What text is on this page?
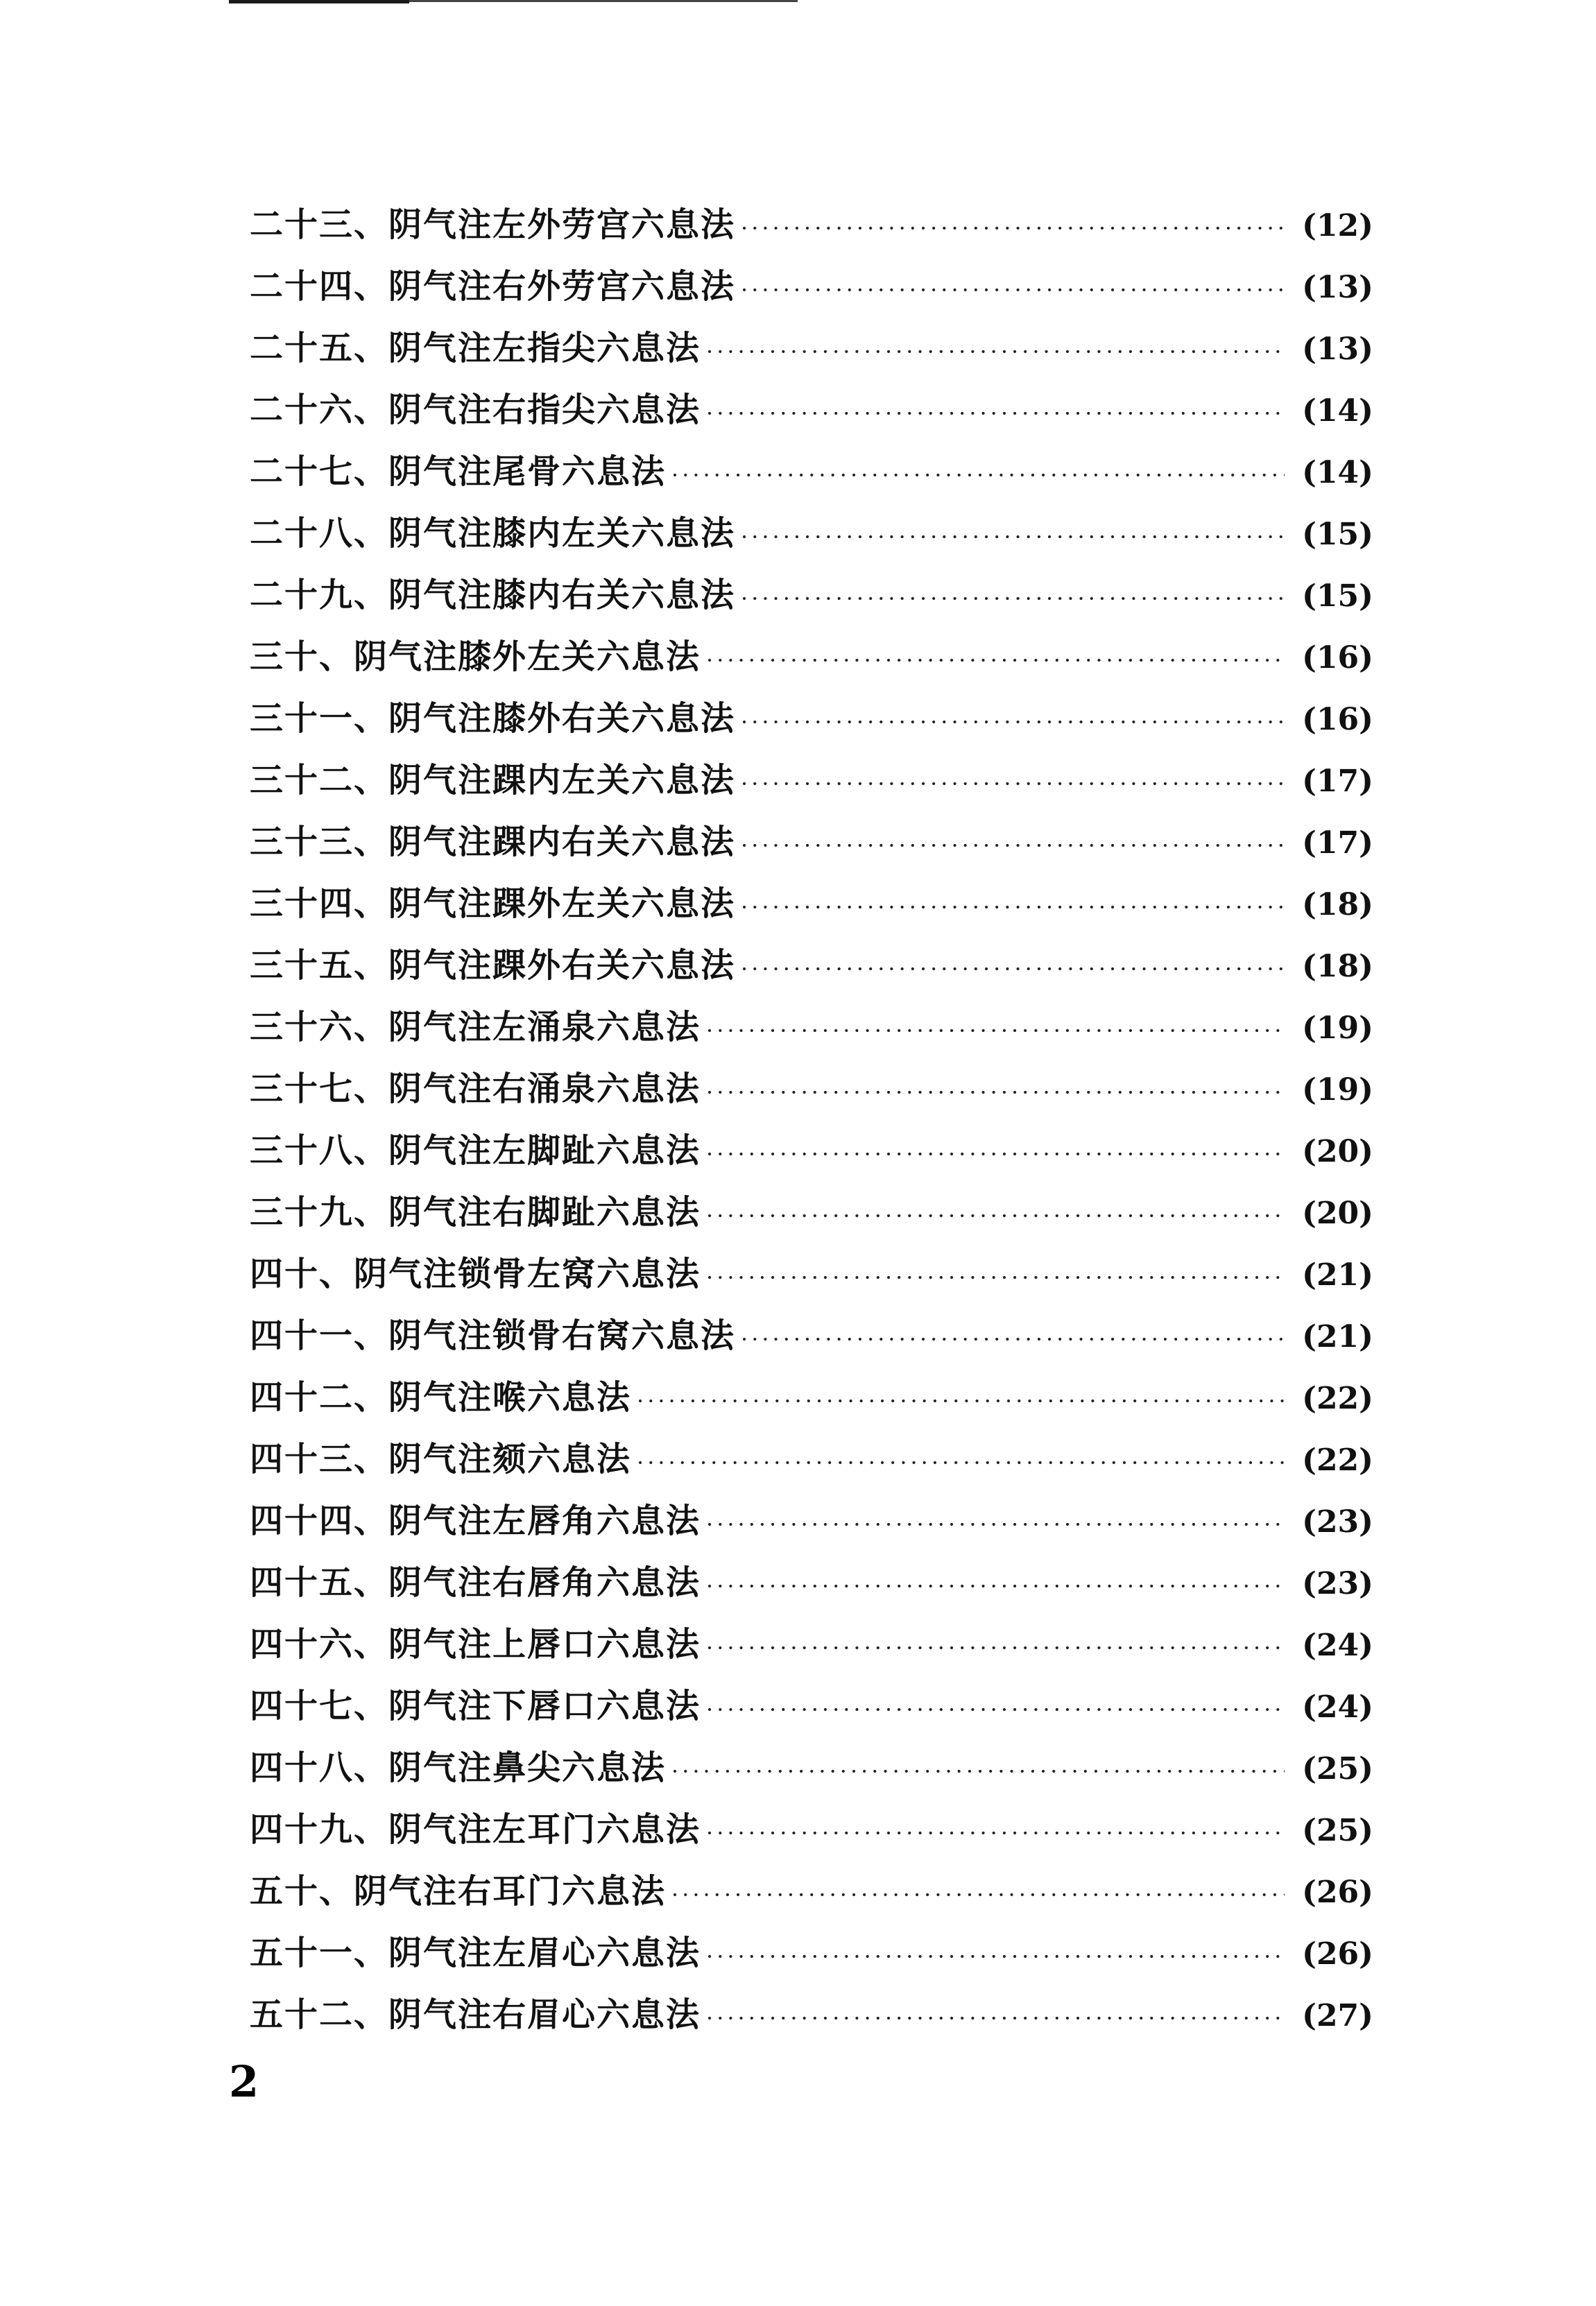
二十三、阴气注左外劳宫六息法 ·····	(12)
二十四、阴气注右外劳宫六息法 ·····	(13)
二十五、阴气注左指尖六息法 ·····	(13)
二十六、阴气注右指尖六息法 ·····	(14)
二十七、阴气注尾骨六息法 ·····	(14)
二十八、阴气注膝内左关六息法 ·····	(15)
二十九、阴气注膝内右关六息法 ·····	(15)
三十、阴气注膝外左关六息法 ·····	(16)
三十一、阴气注膝外右关六息法 ·····	(16)
三十二、阴气注踝内左关六息法 ·····	(17)
三十三、阴气注踝内右关六息法 ·····	(17)
三十四、阴气注踝外左关六息法 ·····	(18)
三十五、阴气注踝外右关六息法 ·····	(18)
三十六、阴气注左涌泉六息法 ·····	(19)
三十七、阴气注右涌泉六息法 ·····	(19)
三十八、阴气注左脚趾六息法 ·····	(20)
三十九、阴气注右脚趾六息法 ·····	(20)
四十、阴气注锁骨左窝六息法 ·····	(21)
四十一、阴气注锁骨右窝六息法 ·····	(21)
四十二、阴气注喉六息法 ·····	(22)
四十三、阴气注颏六息法 ·····	(22)
四十四、阴气注左唇角六息法 ·····	(23)
四十五、阴气注右唇角六息法 ·····	(23)
四十六、阴气注上唇口六息法 ·····	(24)
四十七、阴气注下唇口六息法 ·····	(24)
四十八、阴气注鼻尖六息法 ·····	(25)
四十九、阴气注左耳门六息法 ·····	(25)
五十、阴气注右耳门六息法 ·····	(26)
五十一、阴气注左眉心六息法 ·····	(26)
五十二、阴气注右眉心六息法 ·····	(27)
2
